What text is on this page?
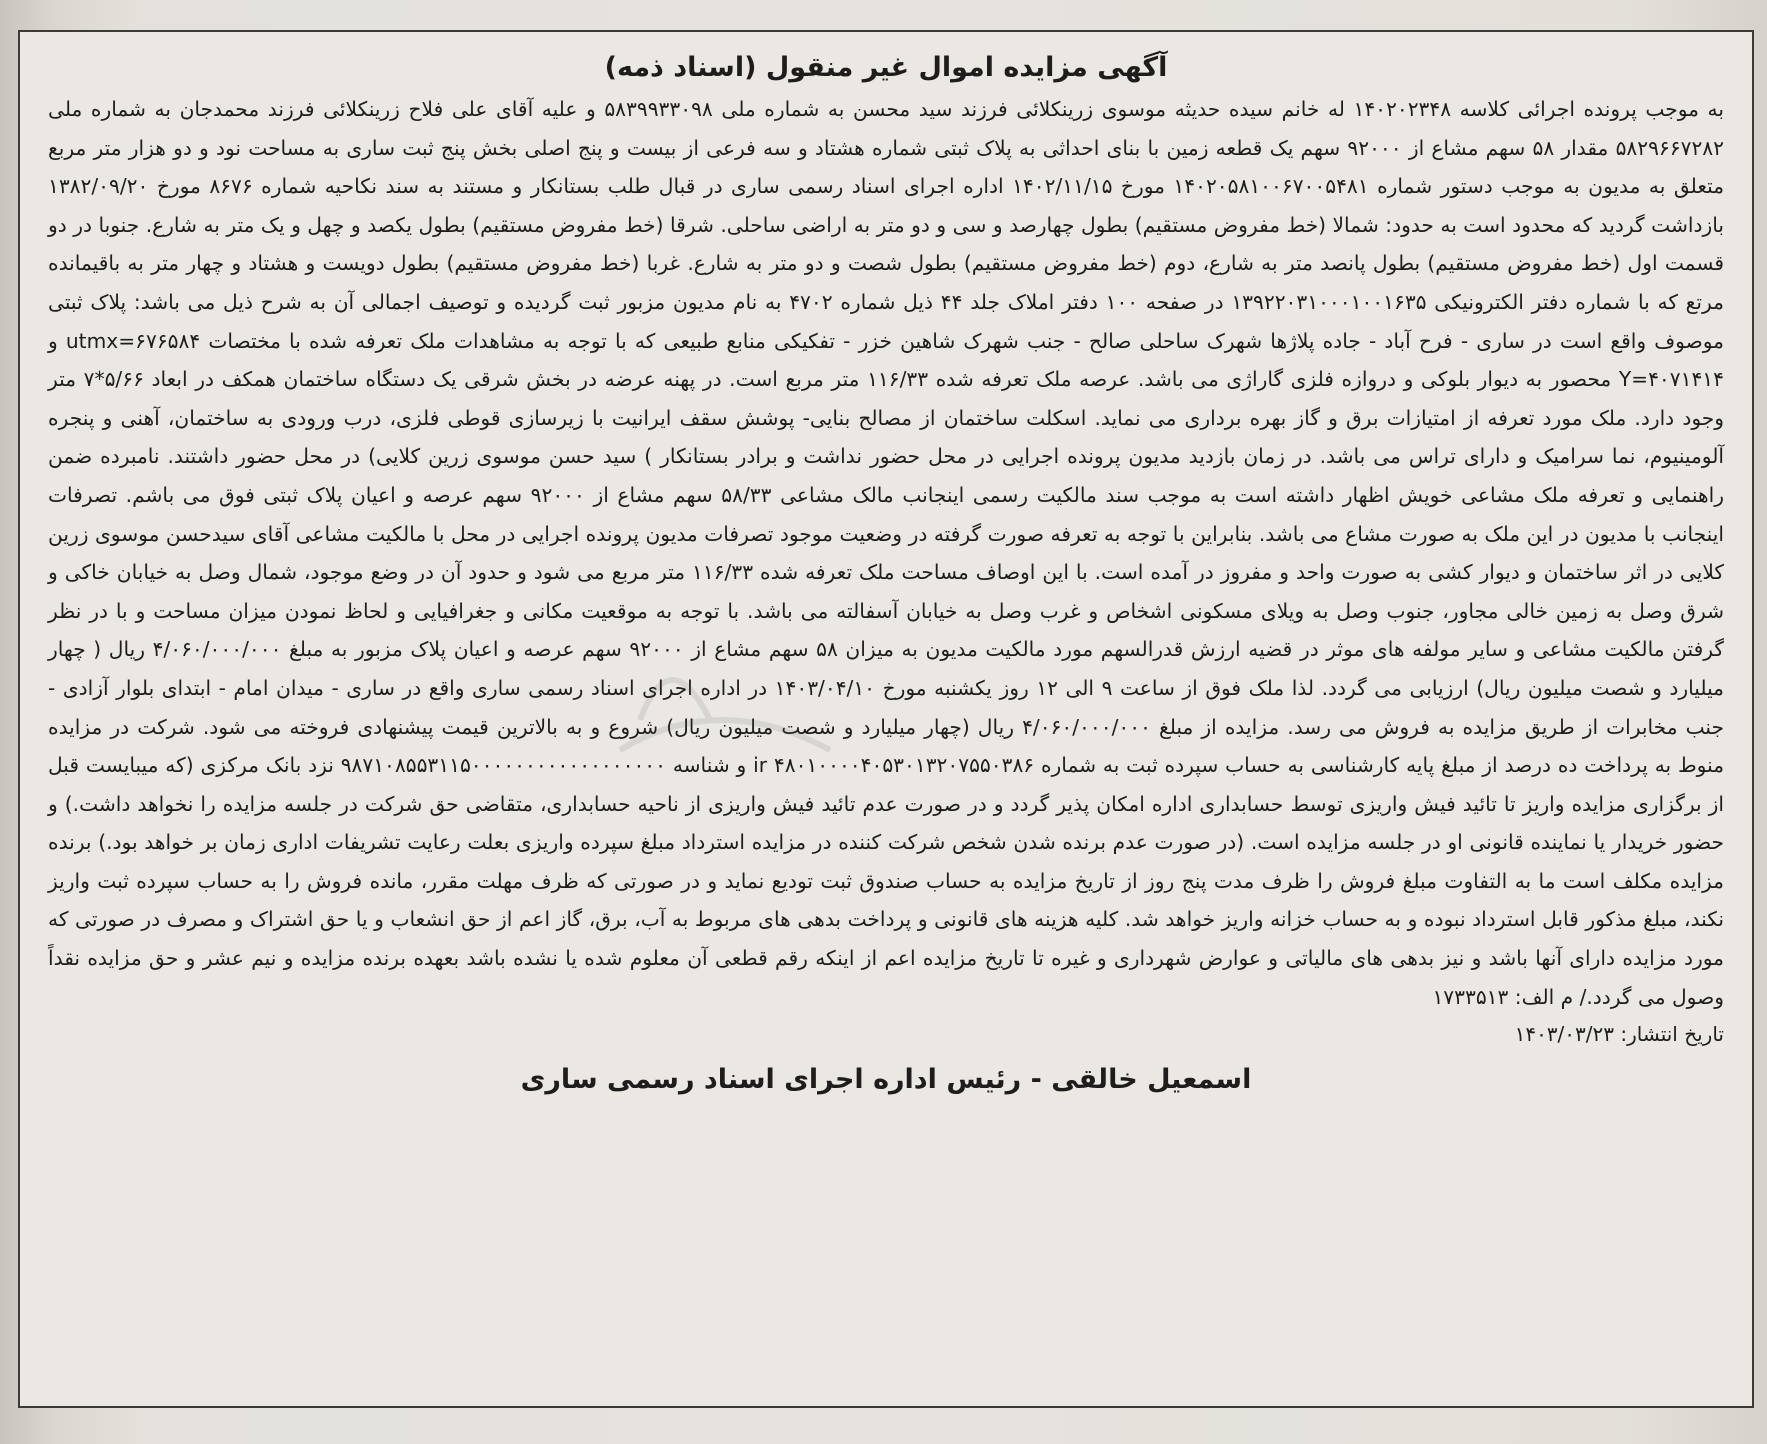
آگهی مزایده اموال غیر منقول (اسناد ذمه)

به موجب پرونده اجرائی کلاسه ۱۴۰۲۰۲۳۴۸ له خانم سیده حدیثه موسوی زرینکلائی فرزند سید محسن به شماره ملی ۵۸۳۹۹۳۳۰۹۸ و علیه آقای علی فلاح زرینکلائی فرزند محمدجان به شماره ملی ۵۸۲۹۶۶۷۲۸۲ مقدار ۵۸ سهم مشاع از ۹۲۰۰۰ سهم یک قطعه زمین با بنای احداثی به پلاک ثبتی شماره هشتاد و سه فرعی از بیست و پنج اصلی بخش پنج ثبت ساری به مساحت نود و دو هزار متر مربع متعلق به مدیون به موجب دستور شماره ۱۴۰۲۰۵۸۱۰۰۶۷۰۰۵۴۸۱ مورخ ۱۴۰۲/۱۱/۱۵ اداره اجرای اسناد رسمی ساری در قبال طلب بستانکار و مستند به سند نکاحیه شماره ۸۶۷۶ مورخ ۱۳۸۲/۰۹/۲۰ بازداشت گردید که محدود است به حدود: شمالا (خط مفروض مستقیم) بطول چهارصد و سی و دو متر به اراضی ساحلی. شرقا (خط مفروض مستقیم) بطول یکصد و چهل و یک متر به شارع. جنوبا در دو قسمت اول (خط مفروض مستقیم) بطول پانصد متر به شارع، دوم (خط مفروض مستقیم) بطول شصت و دو متر به شارع. غربا (خط مفروض مستقیم) بطول دویست و هشتاد و چهار متر به باقیمانده مرتع که با شماره دفتر الکترونیکی ۱۳۹۲۲۰۳۱۰۰۰۱۰۰۱۶۳۵ در صفحه ۱۰۰ دفتر املاک جلد ۴۴ ذیل شماره ۴۷۰۲ به نام مدیون مزبور ثبت گردیده و توصیف اجمالی آن به شرح ذیل می باشد: پلاک ثبتی موصوف واقع است در ساری - فرح آباد - جاده پلاژها شهرک ساحلی صالح - جنب شهرک شاهین خزر - تفکیکی منابع طبیعی که با توجه به مشاهدات ملک تعرفه شده با مختصات utmx=۶۷۶۵۸۴ و Y=۴۰۷۱۴۱۴ محصور به دیوار بلوکی و دروازه فلزی گاراژی می باشد. عرصه ملک تعرفه شده ۱۱۶/۳۳ متر مربع است. در پهنه عرضه در بخش شرقی یک دستگاه ساختمان همکف در ابعاد ۵/۶۶*۷ متر وجود دارد. ملک مورد تعرفه از امتیازات برق و گاز بهره برداری می نماید. اسکلت ساختمان از مصالح بنایی- پوشش سقف ایرانیت با زیرسازی قوطی فلزی، درب ورودی به ساختمان، آهنی و پنجره آلومینیوم، نما سرامیک و دارای تراس می باشد. در زمان بازدید مدیون پرونده اجرایی در محل حضور نداشت و برادر بستانکار ) سید حسن موسوی زرین کلایی) در محل حضور داشتند. نامبرده ضمن راهنمایی و تعرفه ملک مشاعی خویش اظهار داشته است به موجب سند مالکیت رسمی اینجانب مالک مشاعی ۵۸/۳۳ سهم مشاع از ۹۲۰۰۰ سهم عرصه و اعیان پلاک ثبتی فوق می باشم. تصرفات اینجانب با مدیون در این ملک به صورت مشاع می باشد. بنابراین با توجه به تعرفه صورت گرفته در وضعیت موجود تصرفات مدیون پرونده اجرایی در محل با مالکیت مشاعی آقای سیدحسن موسوی زرین کلایی در اثر ساختمان و دیوار کشی به صورت واحد و مفروز در آمده است. با این اوصاف مساحت ملک تعرفه شده ۱۱۶/۳۳ متر مربع می شود و حدود آن در وضع موجود، شمال وصل به خیابان خاکی و شرق وصل به زمین خالی مجاور، جنوب وصل به ویلای مسکونی اشخاص و غرب وصل به خیابان آسفالته می باشد. با توجه به موقعیت مکانی و جغرافیایی و لحاظ نمودن میزان مساحت و با در نظر گرفتن مالکیت مشاعی و سایر مولفه های موثر در قضیه ارزش قدرالسهم مورد مالکیت مدیون به میزان ۵۸ سهم مشاع از ۹۲۰۰۰ سهم عرصه و اعیان پلاک مزبور به مبلغ ۴/۰۶۰/۰۰۰/۰۰۰ ریال ( چهار میلیارد و شصت میلیون ریال) ارزیابی می گردد. لذا ملک فوق از ساعت ۹ الی ۱۲ روز یکشنبه مورخ ۱۴۰۳/۰۴/۱۰ در اداره اجرای اسناد رسمی ساری واقع در ساری - میدان امام - ابتدای بلوار آزادی - جنب مخابرات از طریق مزایده به فروش می رسد. مزایده از مبلغ ۴/۰۶۰/۰۰۰/۰۰۰ ریال (چهار میلیارد و شصت میلیون ریال) شروع و به بالاترین قیمت پیشنهادی فروخته می شود. شرکت در مزایده منوط به پرداخت ده درصد از مبلغ پایه کارشناسی به حساب سپرده ثبت به شماره ir ۴۸۰۱۰۰۰۰۴۰۵۳۰۱۳۲۰۷۵۵۰۳۸۶ و شناسه ۹۸۷۱۰۸۵۵۳۱۱۵۰۰۰۰۰۰۰۰۰۰۰۰۰۰۰۰۰۰ نزد بانک مرکزی (که میبایست قبل از برگزاری مزایده واریز تا تائید فیش واریزی توسط حسابداری اداره امکان پذیر گردد و در صورت عدم تائید فیش واریزی از ناحیه حسابداری، متقاضی حق شرکت در جلسه مزایده را نخواهد داشت.) و حضور خریدار یا نماینده قانونی او در جلسه مزایده است. (در صورت عدم برنده شدن شخص شرکت کننده در مزایده استرداد مبلغ سپرده واریزی بعلت رعایت تشریفات اداری زمان بر خواهد بود.) برنده مزایده مکلف است ما به التفاوت مبلغ فروش را ظرف مدت پنج روز از تاریخ مزایده به حساب صندوق ثبت تودیع نماید و در صورتی که ظرف مهلت مقرر، مانده فروش را به حساب سپرده ثبت واریز نکند، مبلغ مذکور قابل استرداد نبوده و به حساب خزانه واریز خواهد شد. کلیه هزینه های قانونی و پرداخت بدهی های مربوط به آب، برق، گاز اعم از حق انشعاب و یا حق اشتراک و مصرف در صورتی که مورد مزایده دارای آنها باشد و نیز بدهی های مالیاتی و عوارض شهرداری و غیره تا تاریخ مزایده اعم از اینکه رقم قطعی آن معلوم شده یا نشده باشد بعهده برنده مزایده و نیم عشر و حق مزایده نقداً وصول می گردد./ م الف: ۱۷۳۳۵۱۳

تاریخ انتشار: ۱۴۰۳/۰۳/۲۳

اسمعیل خالقی - رئیس اداره اجرای اسناد رسمی ساری
